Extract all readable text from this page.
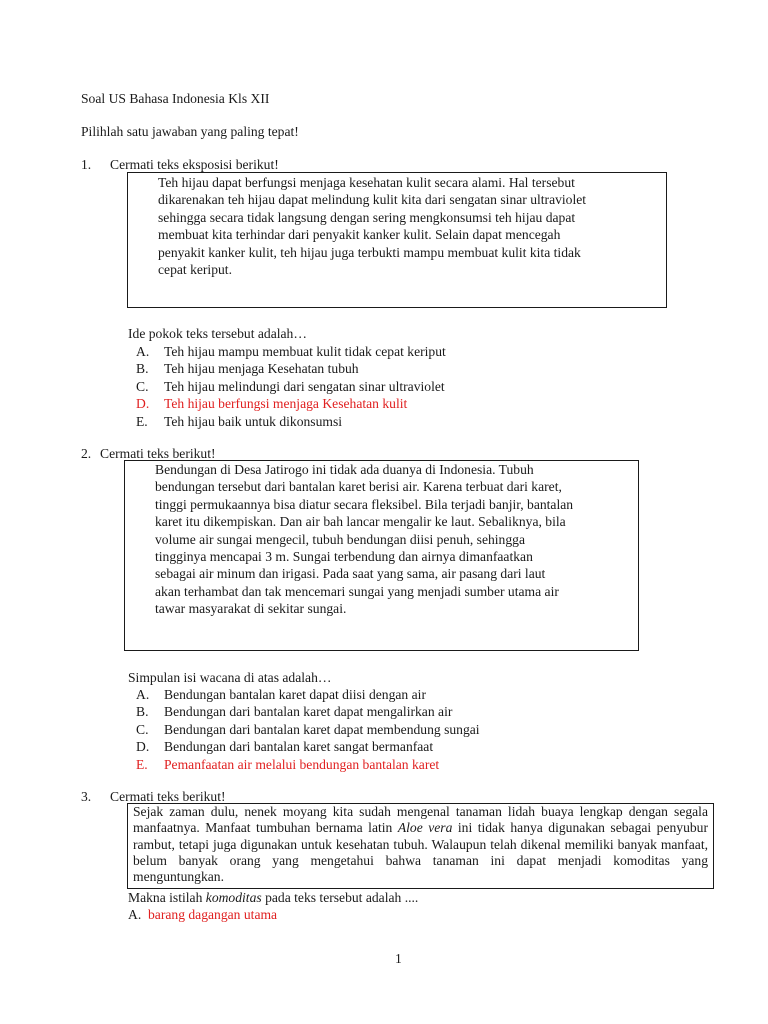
Soal US Bahasa Indonesia Kls XII
Pilihlah satu jawaban yang paling tepat!
1. Cermati teks eksposisi berikut!
Teh hijau dapat berfungsi menjaga kesehatan kulit secara alami. Hal tersebut
dikarenakan teh hijau dapat melindung kulit kita dari sengatan sinar ultraviolet
sehingga secara tidak langsung dengan sering mengkonsumsi teh hijau dapat
membuat kita terhindar dari penyakit kanker kulit. Selain dapat mencegah
penyakit kanker kulit, teh hijau juga terbukti mampu membuat kulit kita tidak
cepat keriput.
Ide pokok teks tersebut adalah…
A. Teh hijau mampu membuat kulit tidak cepat keriput
B. Teh hijau menjaga Kesehatan tubuh
C. Teh hijau melindungi dari sengatan sinar ultraviolet
D. Teh hijau berfungsi menjaga Kesehatan kulit
E. Teh hijau baik untuk dikonsumsi
2. Cermati teks berikut!
Bendungan di Desa Jatirogo ini tidak ada duanya di Indonesia. Tubuh
bendungan tersebut dari bantalan karet berisi air. Karena terbuat dari karet,
tinggi permukaannya bisa diatur secara fleksibel. Bila terjadi banjir, bantalan
karet itu dikempiskan. Dan air bah lancar mengalir ke laut. Sebaliknya, bila
volume air sungai mengecil, tubuh bendungan diisi penuh, sehingga
tingginya mencapai 3 m. Sungai terbendung dan airnya dimanfaatkan
sebagai air minum dan irigasi. Pada saat yang sama, air pasang dari laut
akan terhambat dan tak mencemari sungai yang menjadi sumber utama air
tawar masyarakat di sekitar sungai.
Simpulan isi wacana di atas adalah…
A. Bendungan bantalan karet dapat diisi dengan air
B. Bendungan dari bantalan karet dapat mengalirkan air
C. Bendungan dari bantalan karet dapat membendung sungai
D. Bendungan dari bantalan karet sangat bermanfaat
E. Pemanfaatan air melalui bendungan bantalan karet
3. Cermati teks berikut!
Sejak zaman dulu, nenek moyang kita sudah mengenal tanaman lidah buaya lengkap dengan segala manfaatnya. Manfaat tumbuhan bernama latin Aloe vera ini tidak hanya digunakan sebagai penyubur rambut, tetapi juga digunakan untuk kesehatan tubuh. Walaupun telah dikenal memiliki banyak manfaat, belum banyak orang yang mengetahui bahwa tanaman ini dapat menjadi komoditas yang menguntungkan.
Makna istilah komoditas pada teks tersebut adalah ....
A. barang dagangan utama
1
